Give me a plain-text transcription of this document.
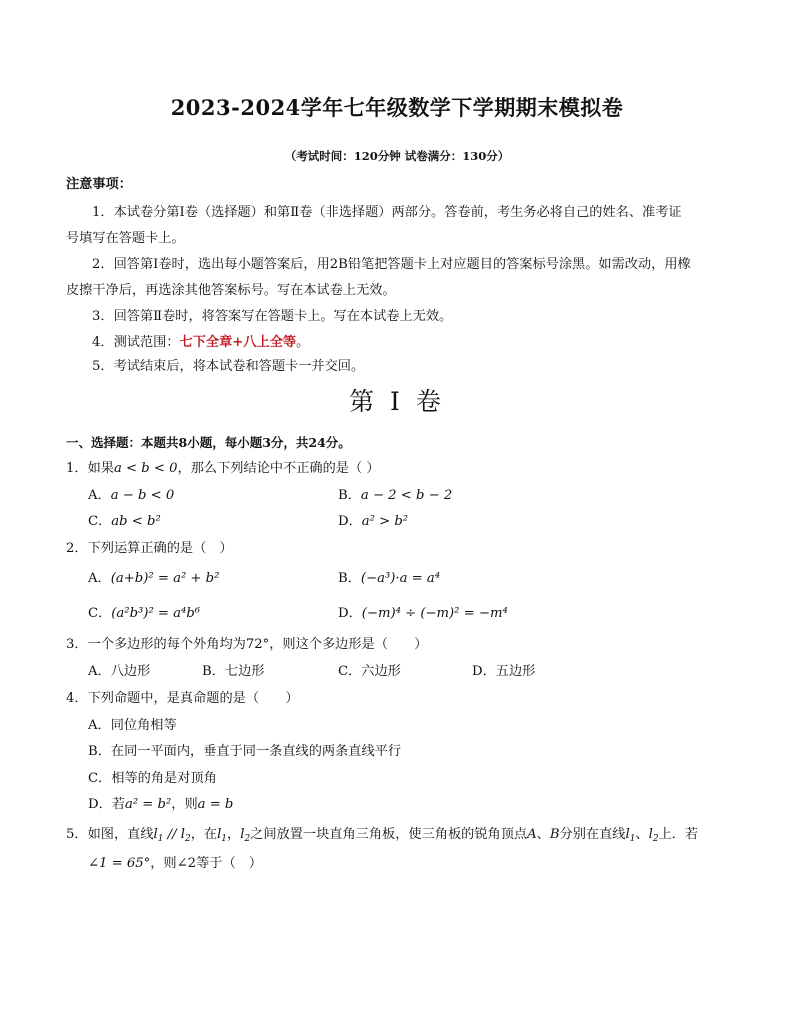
2023-2024学年七年级数学下学期期末模拟卷
（考试时间：120分钟 试卷满分：130分）
注意事项：
1．本试卷分第Ⅰ卷（选择题）和第Ⅱ卷（非选择题）两部分。答卷前，考生务必将自己的姓名、准考证
号填写在答题卡上。
2．回答第Ⅰ卷时，选出每小题答案后，用2B铅笔把答题卡上对应题目的答案标号涂黑。如需改动，用橡
皮擦干净后，再选涂其他答案标号。写在本试卷上无效。
3．回答第Ⅱ卷时，将答案写在答题卡上。写在本试卷上无效。
4．测试范围：七下全章+八上全等。
5．考试结束后，将本试卷和答题卡一并交回。
第 I 卷
一、选择题：本题共8小题，每小题3分，共24分。
1．如果a < b < 0，那么下列结论中不正确的是（ ）
A．a − b < 0	B．a − 2 < b − 2
C．ab < b²	D．a² > b²
2．下列运算正确的是（　）
A．(a+b)² = a² + b²	B．(−a³)·a = a⁴
C．(a²b³)² = a⁴b⁶	D．(−m)⁴ ÷ (−m)² = −m⁴
3．一个多边形的每个外角均为72°，则这个多边形是（　　）
A．八边形	B．七边形	C．六边形	D．五边形
4．下列命题中，是真命题的是（　　）
A．同位角相等
B．在同一平面内，垂直于同一条直线的两条直线平行
C．相等的角是对顶角
D．若a² = b²，则a = b
5．如图，直线$l_1 // l_2$，在$l_1$，$l_2$之间放置一块直角三角板，使三角板的锐角顶点A、B分别在直线$l_1$、$l_2$上．若
∠1 = 65°，则∠2等于（　）
